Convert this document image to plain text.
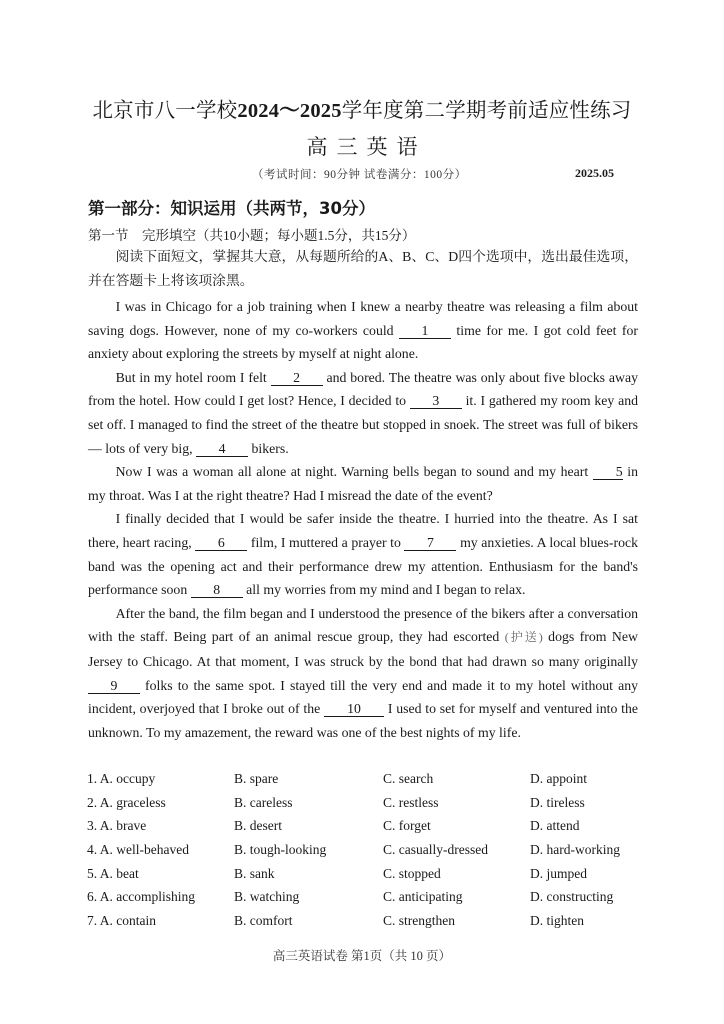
北京市八一学校2024～2025学年度第二学期考前适应性练习
高三英语
（考试时间：90分钟 试卷满分：100分）	2025.05
第一部分：知识运用（共两节，30分）
第一节　完形填空（共10小题；每小题1.5分，共15分）

阅读下面短文，掌握其大意，从每题所给的A、B、C、D四个选项中，选出最佳选项，并在答题卡上将该项涂黑。

I was in Chicago for a job training when I knew a nearby theatre was releasing a film about saving dogs. However, none of my co-workers could 1 time for me. I got cold feet for anxiety about exploring the streets by myself at night alone.

But in my hotel room I felt 2 and bored. The theatre was only about five blocks away from the hotel. How could I get lost? Hence, I decided to 3 it. I gathered my room key and set off. I managed to find the street of the theatre but stopped in snoek. The street was full of bikers — lots of very big, 4 bikers.

Now I was a woman all alone at night. Warning bells began to sound and my heart 5 in my throat. Was I at the right theatre? Had I misread the date of the event?

I finally decided that I would be safer inside the theatre. I hurried into the theatre. As I sat there, heart racing, 6 film, I muttered a prayer to 7 my anxieties. A local blues-rock band was the opening act and their performance drew my attention. Enthusiasm for the band's performance soon 8 all my worries from my mind and I began to relax.

After the band, the film began and I understood the presence of the bikers after a conversation with the staff. Being part of an animal rescue group, they had escorted (护送) dogs from New Jersey to Chicago. At that moment, I was struck by the bond that had drawn so many originally 9 folks to the same spot. I stayed till the very end and made it to my hotel without any incident, overjoyed that I broke out of the 10 I used to set for myself and ventured into the unknown. To my amazement, the reward was one of the best nights of my life.

1. A. occupy	B. spare	C. search	D. appoint
2. A. graceless	B. careless	C. restless	D. tireless
3. A. brave	B. desert	C. forget	D. attend
4. A. well-behaved	B. tough-looking	C. casually-dressed	D. hard-working
5. A. beat	B. sank	C. stopped	D. jumped
6. A. accomplishing	B. watching	C. anticipating	D. constructing
7. A. contain	B. comfort	C. strengthen	D. tighten
高三英语试卷 第1页（共 10 页）
